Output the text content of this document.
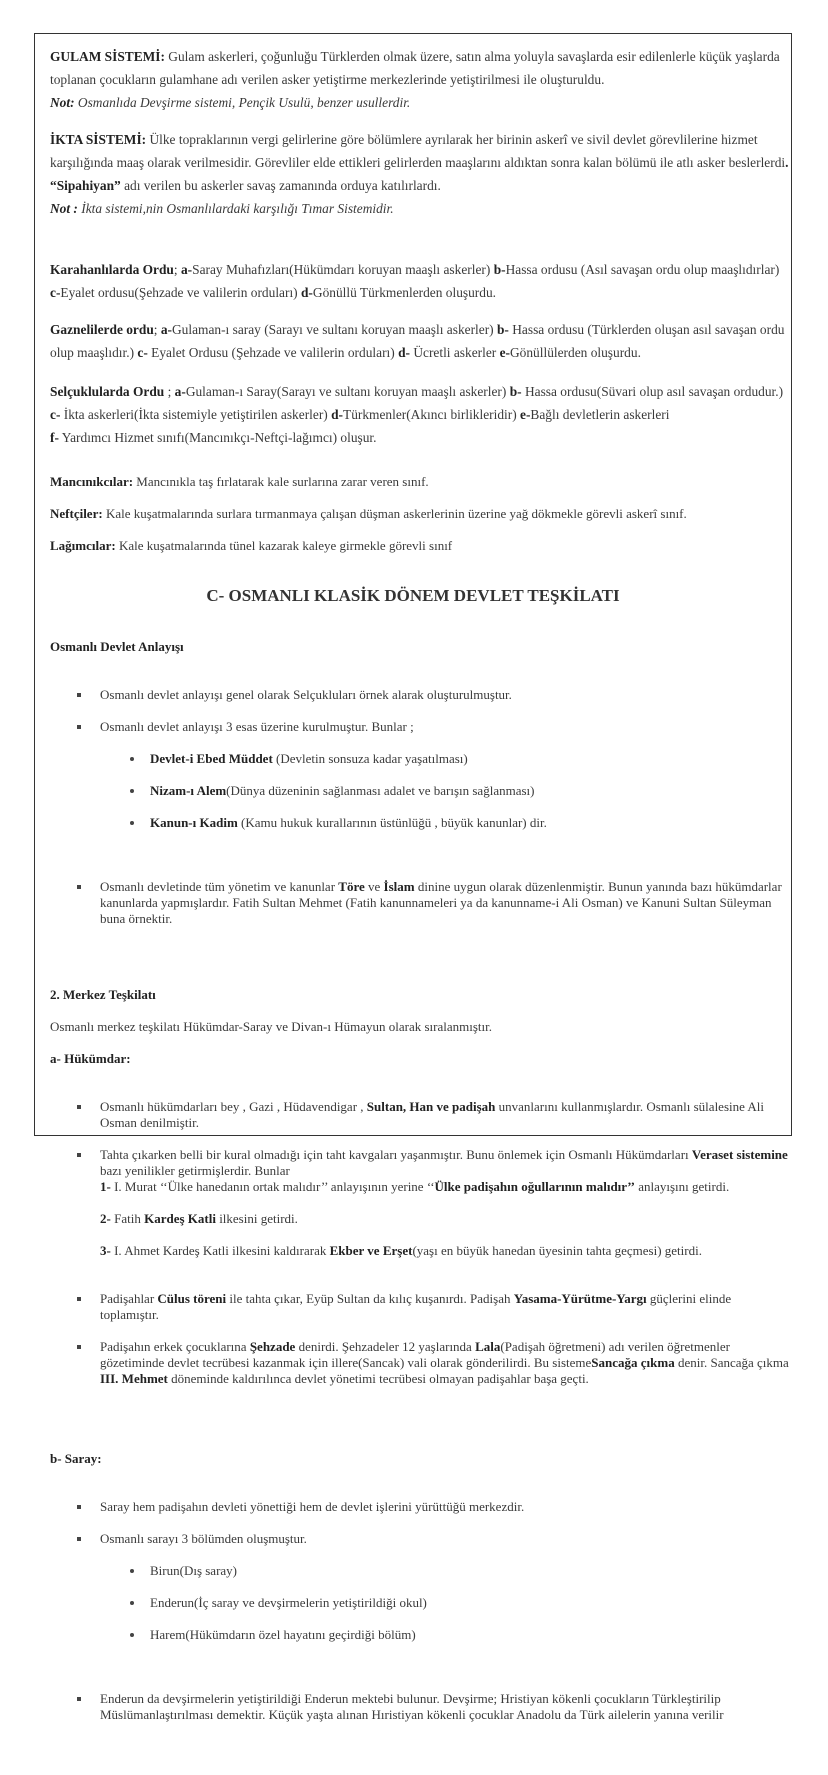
GULAM SİSTEMİ: Gulam askerleri, çoğunluğu Türklerden olmak üzere, satın alma yoluyla savaşlarda esir edilenlerle küçük yaşlarda toplanan çocukların gulamhane adı verilen asker yetiştirme merkezlerinde yetiştirilmesi ile oluşturuldu.

Not: Osmanlıda Devşirme sistemi, Pençik Usulü, benzer usullerdir.

İKTA SİSTEMİ: Ülke topraklarının vergi gelirlerine göre bölümlere ayrılarak her birinin askerî ve sivil devlet görevlilerine hizmet karşılığında maaş olarak verilmesidir. Görevliler elde ettikleri gelirlerden maaşlarını aldıktan sonra kalan bölümü ile atlı asker beslerlerdi. “Sipahiyan” adı verilen bu askerler savaş zamanında orduya katılırlardı.

Not : İkta sistemi,nin Osmanlılardaki karşılığı Tımar Sistemidir.

Karahanlılarda Ordu; a-Saray Muhafızları(Hükümdarı koruyan maaşlı askerler) b-Hassa ordusu (Asıl savaşan ordu olup maaşlıdırlar) c-Eyalet ordusu(Şehzade ve valilerin orduları) d-Gönüllü Türkmenlerden oluşurdu.

Gaznelilerde ordu; a-Gulaman-ı saray (Sarayı ve sultanı koruyan maaşlı askerler) b- Hassa ordusu (Türklerden oluşan asıl savaşan ordu olup maaşlıdır.) c- Eyalet Ordusu (Şehzade ve valilerin orduları) d- Ücretli askerler e-Gönüllülerden oluşurdu.

Selçuklularda Ordu ; a-Gulaman-ı Saray(Sarayı ve sultanı koruyan maaşlı askerler) b- Hassa ordusu(Süvari olup asıl savaşan ordudur.) c- İkta askerleri(İkta sistemiyle yetiştirilen askerler) d-Türkmenler(Akıncı birlikleridir) e-Bağlı devletlerin askerleri
f- Yardımcı Hizmet sınıfı(Mancınıkçı-Neftçi-lağımcı) oluşur.

Mancınıkcılar: Mancınıkla taş fırlatarak kale surlarına zarar veren sınıf.

Neftçiler: Kale kuşatmalarında surlara tırmanmaya çalışan düşman askerlerinin üzerine yağ dökmekle görevli askerî sınıf.

Lağımcılar: Kale kuşatmalarında tünel kazarak kaleye girmekle görevli sınıf

C- OSMANLI KLASİK DÖNEM DEVLET TEŞKİLATI

Osmanlı Devlet Anlayışı

Osmanlı devlet anlayışı genel olarak Selçukluları örnek alarak oluşturulmuştur.

Osmanlı devlet anlayışı 3 esas üzerine kurulmuştur. Bunlar ;

Devlet-i Ebed Müddet (Devletin sonsuza kadar yaşatılması)

Nizam-ı Alem(Dünya düzeninin sağlanması adalet ve barışın sağlanması)

Kanun-ı Kadim (Kamu hukuk kurallarının üstünlüğü , büyük kanunlar) dir.

Osmanlı devletinde tüm yönetim ve kanunlar Töre ve İslam dinine uygun olarak düzenlenmiştir. Bunun yanında bazı hükümdarlar kanunlarda yapmışlardır. Fatih Sultan Mehmet (Fatih kanunnameleri ya da kanunname-i Ali Osman) ve Kanuni Sultan Süleyman buna örnektir.

2. Merkez Teşkilatı

Osmanlı merkez teşkilatı Hükümdar-Saray ve Divan-ı Hümayun olarak sıralanmıştır.

a- Hükümdar:

Osmanlı hükümdarları bey , Gazi , Hüdavendigar , Sultan, Han ve padişah unvanlarını kullanmışlardır. Osmanlı sülalesine Ali Osman denilmiştir.

Tahta çıkarken belli bir kural olmadığı için taht kavgaları yaşanmıştır. Bunu önlemek için Osmanlı Hükümdarları Veraset sistemine bazı yenilikler getirmişlerdir. Bunlar

1- I. Murat ‘‘Ülke hanedanın ortak malıdır’’ anlayışının yerine ‘‘Ülke padişahın oğullarının malıdır’’ anlayışını getirdi.

2- Fatih Kardeş Katli ilkesini getirdi.

3- I. Ahmet Kardeş Katli ilkesini kaldırarak Ekber ve Erşet(yaşı en büyük hanedan üyesinin tahta geçmesi) getirdi.

Padişahlar Cülus töreni ile tahta çıkar, Eyüp Sultan da kılıç kuşanırdı. Padişah Yasama-Yürütme-Yargı güçlerini elinde toplamıştır.

Padişahın erkek çocuklarına Şehzade denirdi. Şehzadeler 12 yaşlarında Lala(Padişah öğretmeni) adı verilen öğretmenler gözetiminde devlet tecrübesi kazanmak için illere(Sancak) vali olarak gönderilirdi. Bu sistemeSancağa çıkma denir. Sancağa çıkma III. Mehmet döneminde kaldırılınca devlet yönetimi tecrübesi olmayan padişahlar başa geçti.

b- Saray:

Saray hem padişahın devleti yönettiği hem de devlet işlerini yürüttüğü merkezdir.

Osmanlı sarayı 3 bölümden oluşmuştur.

Birun(Dış saray)

Enderun(İç saray ve devşirmelerin yetiştirildiği okul)

Harem(Hükümdarın özel hayatını geçirdiği bölüm)

Enderun da devşirmelerin yetiştirildiği Enderun mektebi bulunur. Devşirme; Hristiyan kökenli çocukların Türkleştirilip Müslümanlaştırılması demektir. Küçük yaşta alınan Hıristiyan kökenli çocuklar Anadolu da Türk ailelerin yanına verilir
